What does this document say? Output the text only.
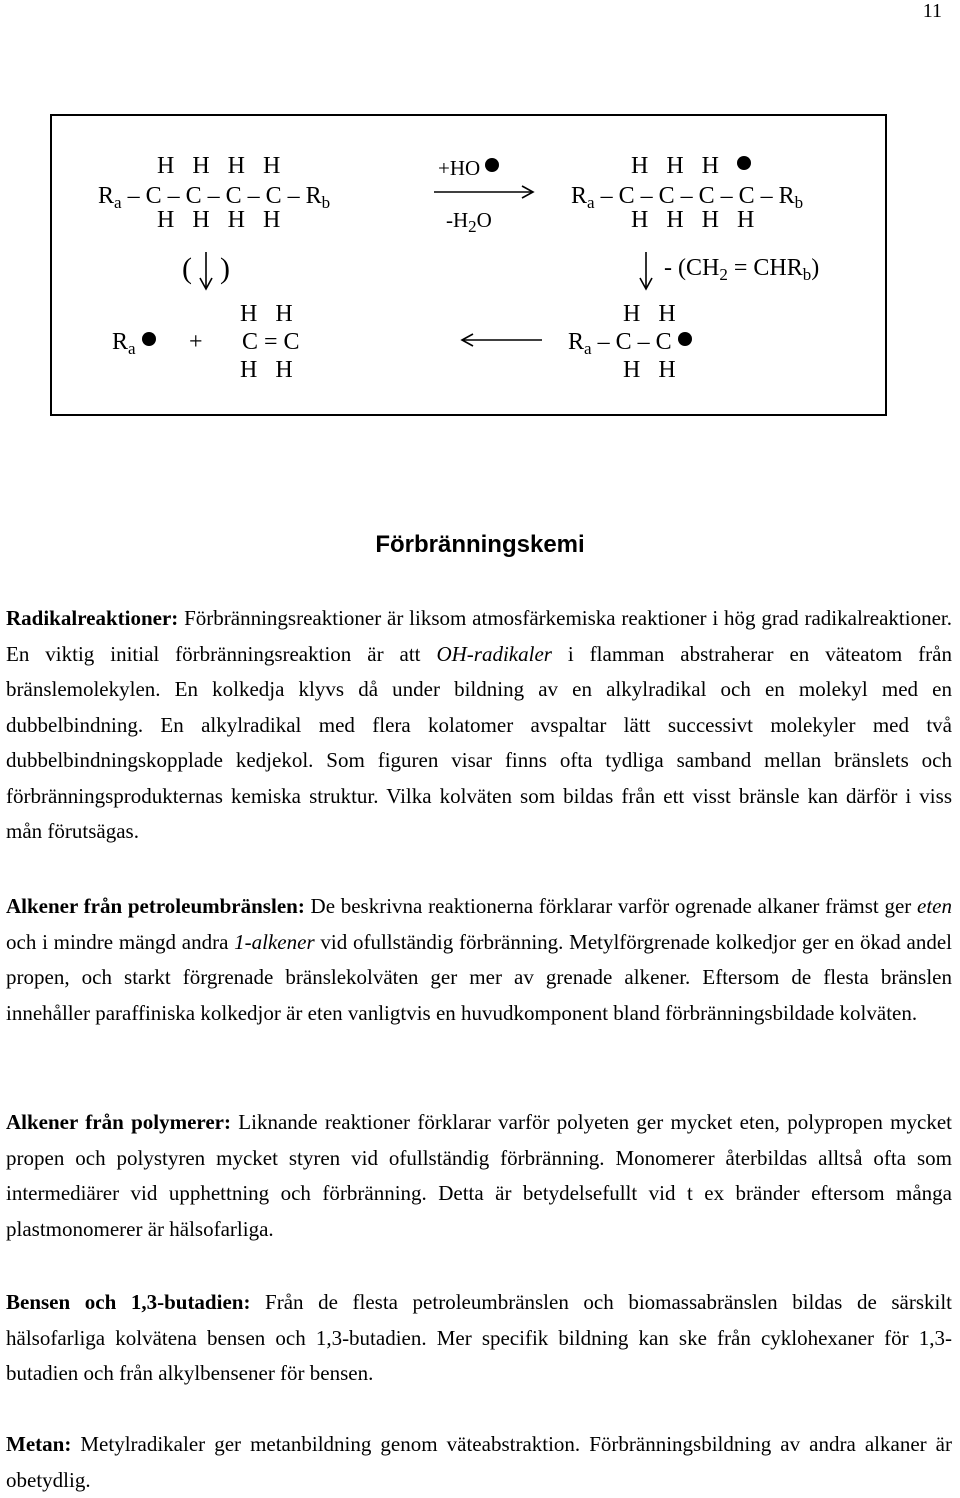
11
H   H   H   H
$R_a$ – C – C – C – C – $R_b$
H   H   H   H
+HO
$-H_2O$
H   H   H
$R_a$ – C – C – C – C – $R_b$
H   H   H   H
( )	- $(CH_2 = CHR_b)$
H   H
$R_a$	+ C = C
H   H
H   H
$R_a$ – C – C
H   H
Förbränningskemi

Radikalreaktioner: Förbränningsreaktioner är liksom atmosfärkemiska reaktioner i hög grad radikalreaktioner. En viktig initial förbränningsreaktion är att OH-radikaler i flamman abstraherar en väteatom från bränslemolekylen. En kolkedja klyvs då under bildning av en alkylradikal och en molekyl med en dubbelbindning. En alkylradikal med flera kolatomer avspaltar lätt successivt molekyler med två dubbelbindningskopplade kedjekol. Som figuren visar finns ofta tydliga samband mellan bränslets och förbränningsprodukternas kemiska struktur. Vilka kolväten som bildas från ett visst bränsle kan därför i viss mån förutsägas.

Alkener från petroleumbränslen: De beskrivna reaktionerna förklarar varför ogrenade alkaner främst ger eten och i mindre mängd andra 1-alkener vid ofullständig förbränning. Metylförgrenade kolkedjor ger en ökad andel propen, och starkt förgrenade bränslekolväten ger mer av grenade alkener. Eftersom de flesta bränslen innehåller paraffiniska kolkedjor är eten vanligtvis en huvudkomponent bland förbränningsbildade kolväten.

Alkener från polymerer: Liknande reaktioner förklarar varför polyeten ger mycket eten, polypropen mycket propen och polystyren mycket styren vid ofullständig förbränning. Monomerer återbildas alltså ofta som intermediärer vid upphettning och förbränning. Detta är betydelsefullt vid t ex bränder eftersom många plastmonomerer är hälsofarliga.

Bensen och 1,3-butadien: Från de flesta petroleumbränslen och biomassabränslen bildas de särskilt hälsofarliga kolvätena bensen och 1,3-butadien. Mer specifik bildning kan ske från cyklohexaner för 1,3-butadien och från alkylbensener för bensen.

Metan: Metylradikaler ger metanbildning genom väteabstraktion. Förbränningsbildning av andra alkaner är obetydlig.
